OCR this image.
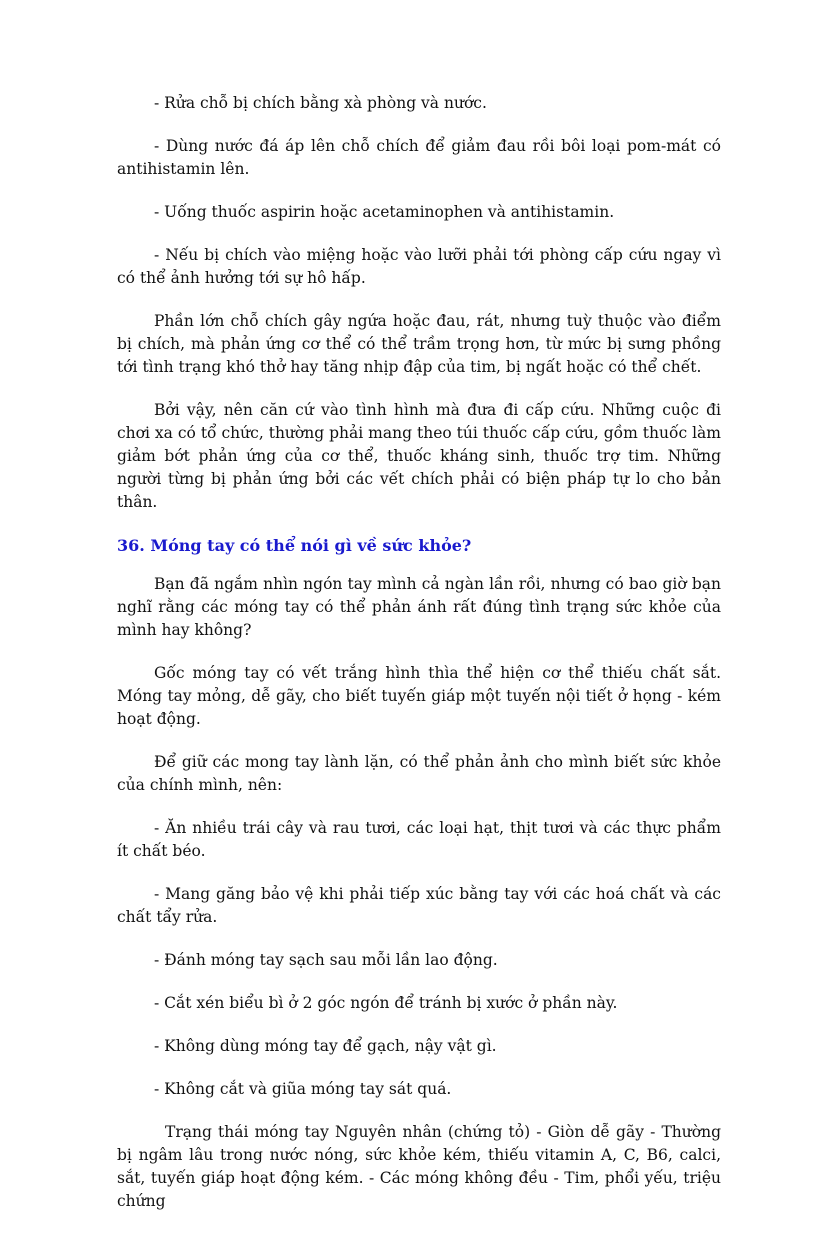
- Rửa chỗ bị chích bằng xà phòng và nước.

- Dùng nước đá áp lên chỗ chích để giảm đau rồi bôi loại pom-mát có antihistamin lên.

- Uống thuốc aspirin hoặc acetaminophen và antihistamin.

- Nếu bị chích vào miệng hoặc vào lưỡi phải tới phòng cấp cứu ngay vì có thể ảnh hưởng tới sự hô hấp.

Phần lớn chỗ chích gây ngứa hoặc đau, rát, nhưng tuỳ thuộc vào điểm bị chích, mà phản ứng cơ thể có thể trầm trọng hơn, từ mức bị sưng phồng tới tình trạng khó thở hay tăng nhịp đập của tim, bị ngất hoặc có thể chết.

Bởi vậy, nên căn cứ vào tình hình mà đưa đi cấp cứu. Những cuộc đi chơi xa có tổ chức, thường phải mang theo túi thuốc cấp cứu, gồm thuốc làm giảm bớt phản ứng của cơ thể, thuốc kháng sinh, thuốc trợ tim. Những người từng bị phản ứng bởi các vết chích phải có biện pháp tự lo cho bản thân.

36. Móng tay có thể nói gì về sức khỏe?

Bạn đã ngắm nhìn ngón tay mình cả ngàn lần rồi, nhưng có bao giờ bạn nghĩ rằng các móng tay có thể phản ánh rất đúng tình trạng sức khỏe của mình hay không?

Gốc móng tay có vết trắng hình thìa thể hiện cơ thể thiếu chất sắt. Móng tay mỏng, dễ gãy, cho biết tuyến giáp một tuyến nội tiết ở họng - kém hoạt động.

Để giữ các mong tay lành lặn, có thể phản ảnh cho mình biết sức khỏe của chính mình, nên:

- Ăn nhiều trái cây và rau tươi, các loại hạt, thịt tươi và các thực phẩm ít chất béo.

- Mang găng bảo vệ khi phải tiếp xúc bằng tay với các hoá chất và các chất tẩy rửa.

- Đánh móng tay sạch sau mỗi lần lao động.

- Cắt xén biểu bì ở 2 góc ngón để tránh bị xước ở phần này.

- Không dùng móng tay để gạch, nậy vật gì.

- Không cắt và giũa móng tay sát quá.

Trạng thái móng tay Nguyên nhân (chứng tỏ) - Giòn dễ gãy - Thường bị ngâm lâu trong nước nóng, sức khỏe kém, thiếu vitamin A, C, B6, calci, sắt, tuyến giáp hoạt động kém. - Các móng không đều - Tim, phổi yếu, triệu chứng
